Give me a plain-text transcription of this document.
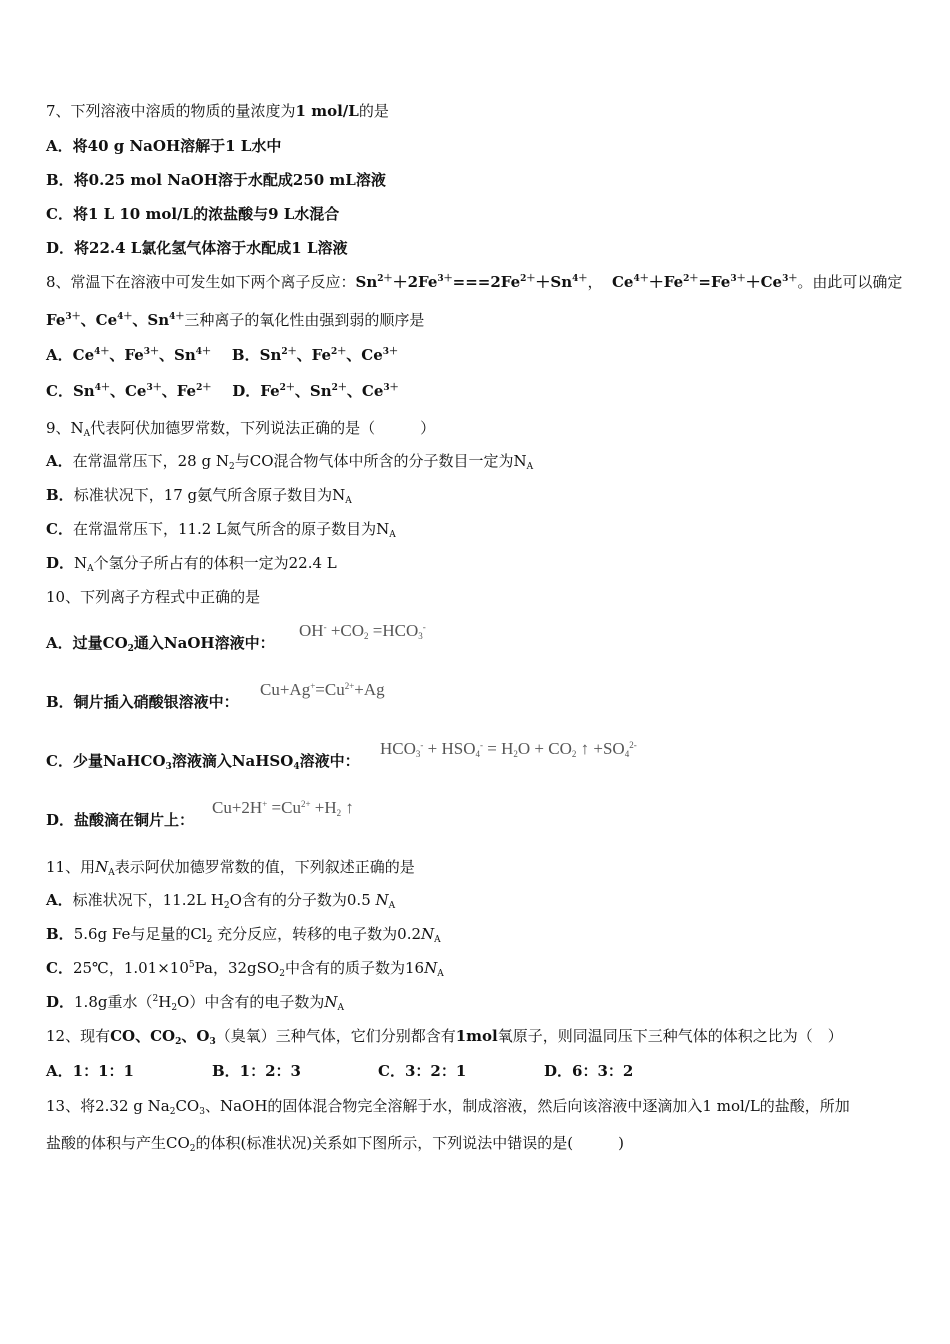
7、下列溶液中溶质的物质的量浓度为1 mol/L的是
A．将40 g NaOH溶解于1 L水中
B．将0.25 mol NaOH溶于水配成250 mL溶液
C．将1 L 10 mol/L的浓盐酸与9 L水混合
D．将22.4 L氯化氢气体溶于水配成1 L溶液
8、常温下在溶液中可发生如下两个离子反应：$Sn^{2+}+2Fe^{3+}===2Fe^{2+}+Sn^{4+}$，  $Ce^{4+}+Fe^{2+}=Fe^{3+}+Ce^{3+}$。由此可以确定
$Fe^{3+}$、$Ce^{4+}$、$Sn^{4+}$三种离子的氧化性由强到弱的顺序是
A．$Ce^{4+}$、$Fe^{3+}$、$Sn^{4+}$    B．$Sn^{2+}$、$Fe^{2+}$、$Ce^{3+}$
C．$Sn^{4+}$、$Ce^{3+}$、$Fe^{2+}$    D．$Fe^{2+}$、$Sn^{2+}$、$Ce^{3+}$
9、$N_A$代表阿伏加德罗常数，下列说法正确的是（　　　）
A．在常温常压下，28 g $N_2$与CO混合物气体中所含的分子数目一定为$N_A$
B．标准状况下，17 g氨气所含原子数目为$N_A$
C．在常温常压下，11.2 L氮气所含的原子数目为$N_A$
D．$N_A$个氢分子所占有的体积一定为22.4 L
10、下列离子方程式中正确的是
A．过量$CO_2$通入NaOH溶液中：
$OH^- +CO_2 =HCO_3^-$
B．铜片插入硝酸银溶液中：
$Cu+Ag^+=Cu^{2+}+Ag$
C．少量NaHCO$_3$溶液滴入NaHSO$_4$溶液中：
$HCO_3^- + HSO_4^- = H_2O + CO_2$ ↑ $+SO_4^{2-}$
D．盐酸滴在铜片上：
$Cu+2H^+ =Cu^{2+} +H_2$ ↑
11、用$N_A$表示阿伏加德罗常数的值，下列叙述正确的是
A．标准状况下，11.2L $H_2O$含有的分子数为0.5 $N_A$
B．5.6g Fe与足量的$Cl_2$ 充分反应，转移的电子数为$0.2N_A$
C．25℃，$1.01\times 10^5Pa$，32gSO$_2$中含有的质子数为$16N_A$
D．1.8g重水$(^2H_2O)$中含有的电子数为$N_A$
12、现有CO、$CO_2$、$O_3$（臭氧）三种气体，它们分别都含有1mol氧原子，则同温同压下三种气体的体积之比为（　）
A．1：1：1	B．1：2：3	C．3：2：1	D．6：3：2
13、将2.32 g $Na_2CO_3$、NaOH的固体混合物完全溶解于水，制成溶液，然后向该溶液中逐滴加入1 mol/L的盐酸，所加
盐酸的体积与产生$CO_2$的体积(标准状况)关系如下图所示，下列说法中错误的是(　　　)
